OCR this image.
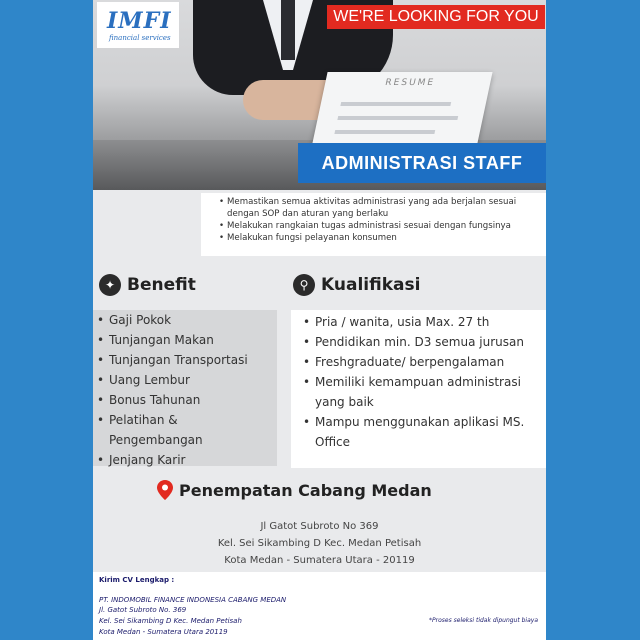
RESUME
IMFI
financial services
WE'RE LOOKING FOR YOU
ADMINISTRASI STAFF
• Memastikan semua aktivitas administrasi yang ada berjalan sesuai
dengan SOP dan aturan yang berlaku
• Melakukan rangkaian tugas administrasi sesuai dengan fungsinya
• Melakukan fungsi pelayanan konsumen
✦ Benefit	⚲ Kualifikasi
• Gaji Pokok
• Tunjangan Makan
• Tunjangan Transportasi
• Uang Lembur
• Bonus Tahunan
• Pelatihan &
Pengembangan
• Jenjang Karir
• Pria / wanita, usia Max. 27 th
• Pendidikan min. D3 semua jurusan
• Freshgraduate/ berpengalaman
• Memiliki kemampuan administrasi
yang baik
• Mampu menggunakan aplikasi MS.
Office
Penempatan Cabang Medan
Jl Gatot Subroto No 369
Kel. Sei Sikambing D Kec. Medan Petisah
Kota Medan - Sumatera Utara - 20119
Kirim CV Lengkap :
PT. INDOMOBIL FINANCE INDONESIA CABANG MEDAN
Jl. Gatot Subroto No. 369
Kel. Sei Sikambing D Kec. Medan Petisah
Kota Medan - Sumatera Utara 20119
*Proses seleksi tidak dipungut biaya
